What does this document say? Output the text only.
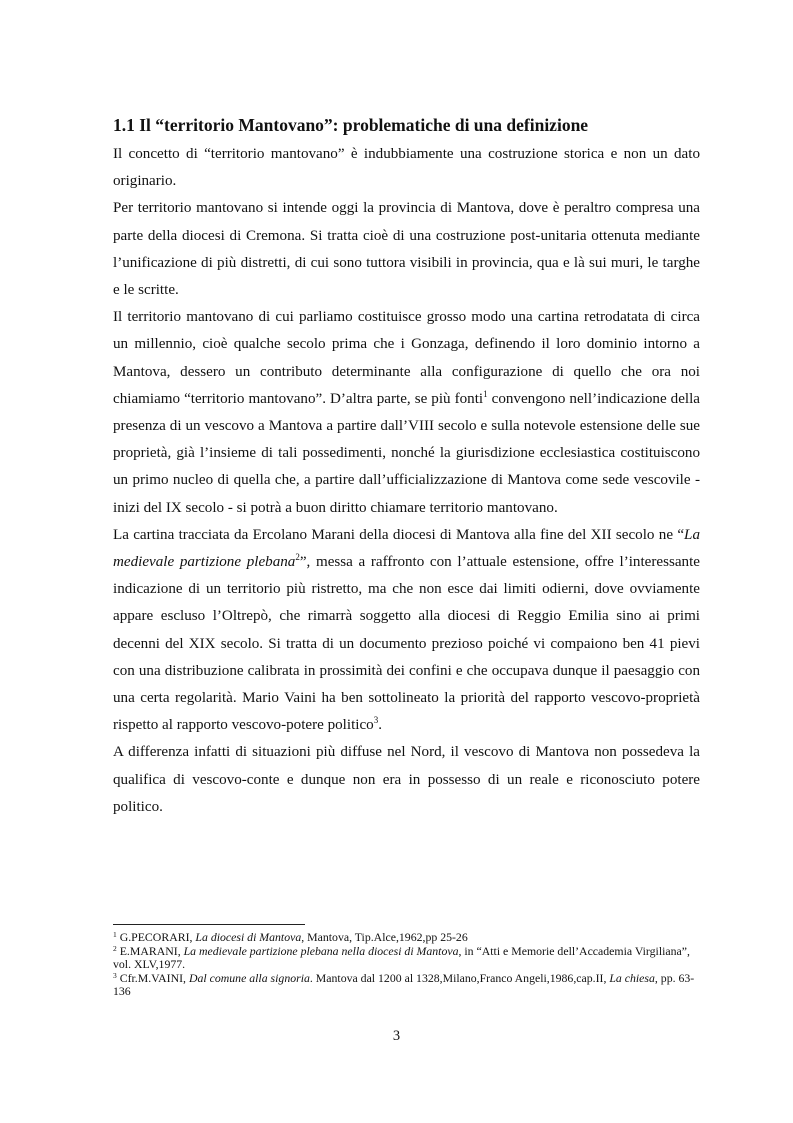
1.1 Il “territorio Mantovano”: problematiche di una definizione

Il concetto di “territorio mantovano” è indubbiamente una costruzione storica e non un dato originario.

Per territorio mantovano si intende oggi la provincia di Mantova, dove è peraltro compresa una parte della diocesi di Cremona. Si tratta cioè di una costruzione post-unitaria ottenuta mediante l’unificazione di più distretti, di cui sono tuttora visibili in provincia, qua e là sui muri, le targhe e le scritte.

Il territorio mantovano di cui parliamo costituisce grosso modo una cartina retrodatata di circa un millennio, cioè qualche secolo prima che i Gonzaga, definendo il loro dominio intorno a Mantova, dessero un contributo determinante alla configurazione di quello che ora noi chiamiamo “territorio mantovano”. D’altra parte, se più fonti$^1$ convengono nell’indicazione della presenza di un vescovo a Mantova a partire dall’VIII secolo e sulla notevole estensione delle sue proprietà, già l’insieme di tali possedimenti, nonché la giurisdizione ecclesiastica costituiscono un primo nucleo di quella che, a partire dall’ufficializzazione di Mantova come sede vescovile - inizi del IX secolo - si potrà a buon diritto chiamare territorio mantovano.

La cartina tracciata da Ercolano Marani della diocesi di Mantova alla fine del XII secolo ne “La medievale partizione plebana$^2$”, messa a raffronto con l’attuale estensione, offre l’interessante indicazione di un territorio più ristretto, ma che non esce dai limiti odierni, dove ovviamente appare escluso l’Oltrepò, che rimarrà soggetto alla diocesi di Reggio Emilia sino ai primi decenni del XIX secolo. Si tratta di un documento prezioso poiché vi compaiono ben 41 pievi con una distribuzione calibrata in prossimità dei confini e che occupava dunque il paesaggio con una certa regolarità. Mario Vaini ha ben sottolineato la priorità del rapporto vescovo-proprietà rispetto al rapporto vescovo-potere politico$^3$.

A differenza infatti di situazioni più diffuse nel Nord, il vescovo di Mantova non possedeva la qualifica di vescovo-conte e dunque non era in possesso di un reale e riconosciuto potere politico.

$^1$ G.PECORARI, La diocesi di Mantova, Mantova, Tip.Alce,1962,pp 25-26

$^2$ E.MARANI, La medievale partizione plebana nella diocesi di Mantova, in “Atti e Memorie dell’Accademia Virgiliana”, vol. XLV,1977.

$^3$ Cfr.M.VAINI, Dal comune alla signoria. Mantova dal 1200 al 1328,Milano,Franco Angeli,1986,cap.II, La chiesa, pp. 63-136

3
